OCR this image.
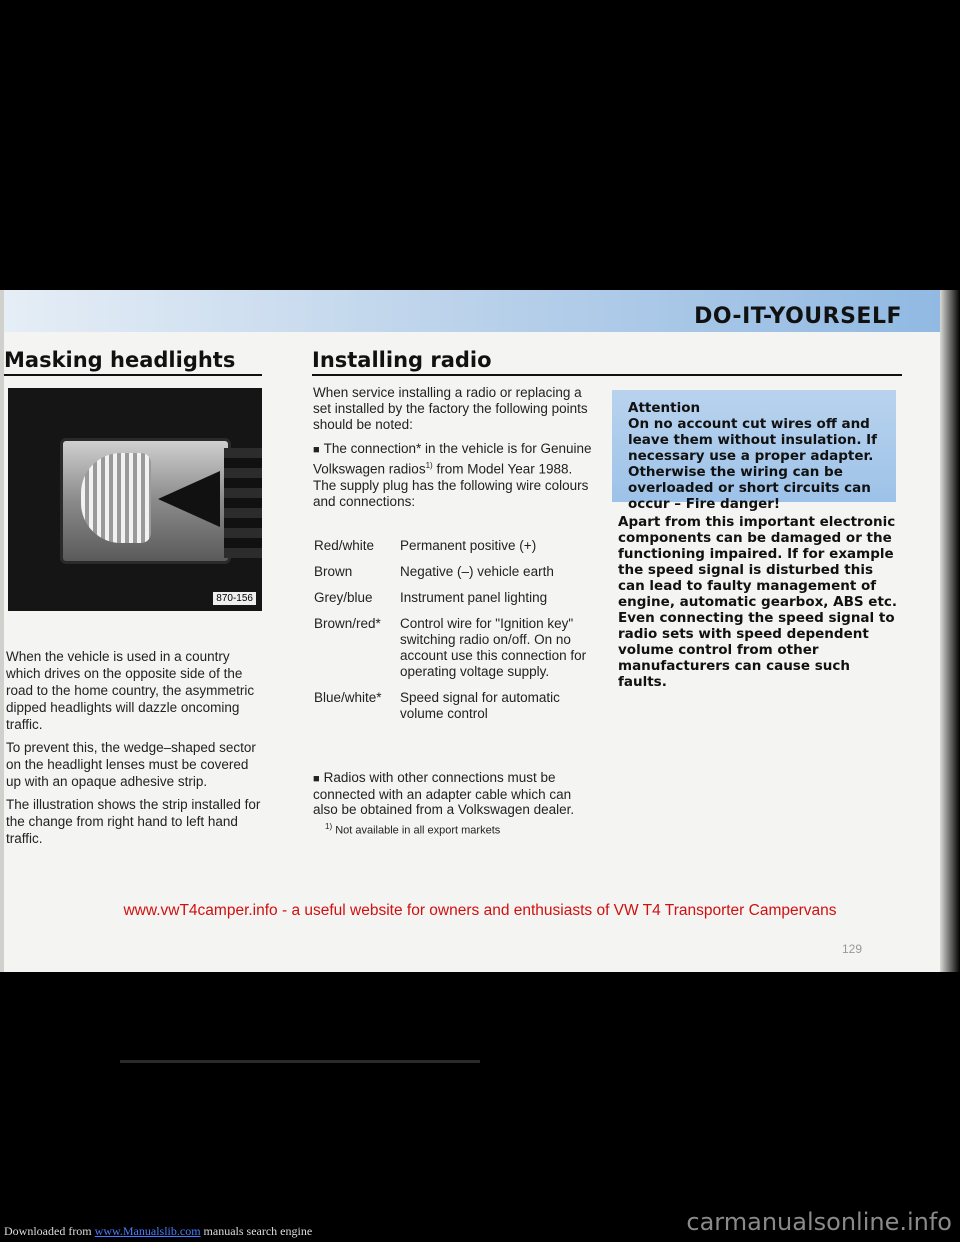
DO-IT-YOURSELF
Masking headlights
870-156

When the vehicle is used in a country which drives on the opposite side of the road to the home country, the asymmetric dipped headlights will dazzle oncoming traffic.

To prevent this, the wedge–shaped sector on the headlight lenses must be covered up with an opaque adhesive strip.

The illustration shows the strip installed for the change from right hand to left hand traffic.

Installing radio

When service installing a radio or replacing a set installed by the factory the following points should be noted:

■ The connection* in the vehicle is for Genuine Volkswagen radios$^{1)}$ from Model Year 1988. The supply plug has the following wire colours and connections:

Red/white	Permanent positive (+)
Brown	Negative (–) vehicle earth
Grey/blue	Instrument panel lighting
Brown/red*	Control wire for "Ignition key" switching radio on/off. On no account use this connection for operating voltage supply.
Blue/white*	Speed signal for automatic volume control

■ Radios with other connections must be connected with an adapter cable which can also be obtained from a Volkswagen dealer.

$^{1)}$ Not available in all export markets

Attention
On no account cut wires off and leave them without insulation. If necessary use a proper adapter. Otherwise the wiring can be overloaded or short circuits can occur – Fire danger!

Apart from this important electronic components can be damaged or the functioning impaired. If for example the speed signal is disturbed this can lead to faulty management of engine, automatic gearbox, ABS etc.

Even connecting the speed signal to radio sets with speed dependent volume control from other manufacturers can cause such faults.

www.vwT4camper.info - a useful website for owners and enthusiasts of VW T4 Transporter Campervans
129
Downloaded from www.Manualslib.com manuals search engine	carmanualsonline.info
